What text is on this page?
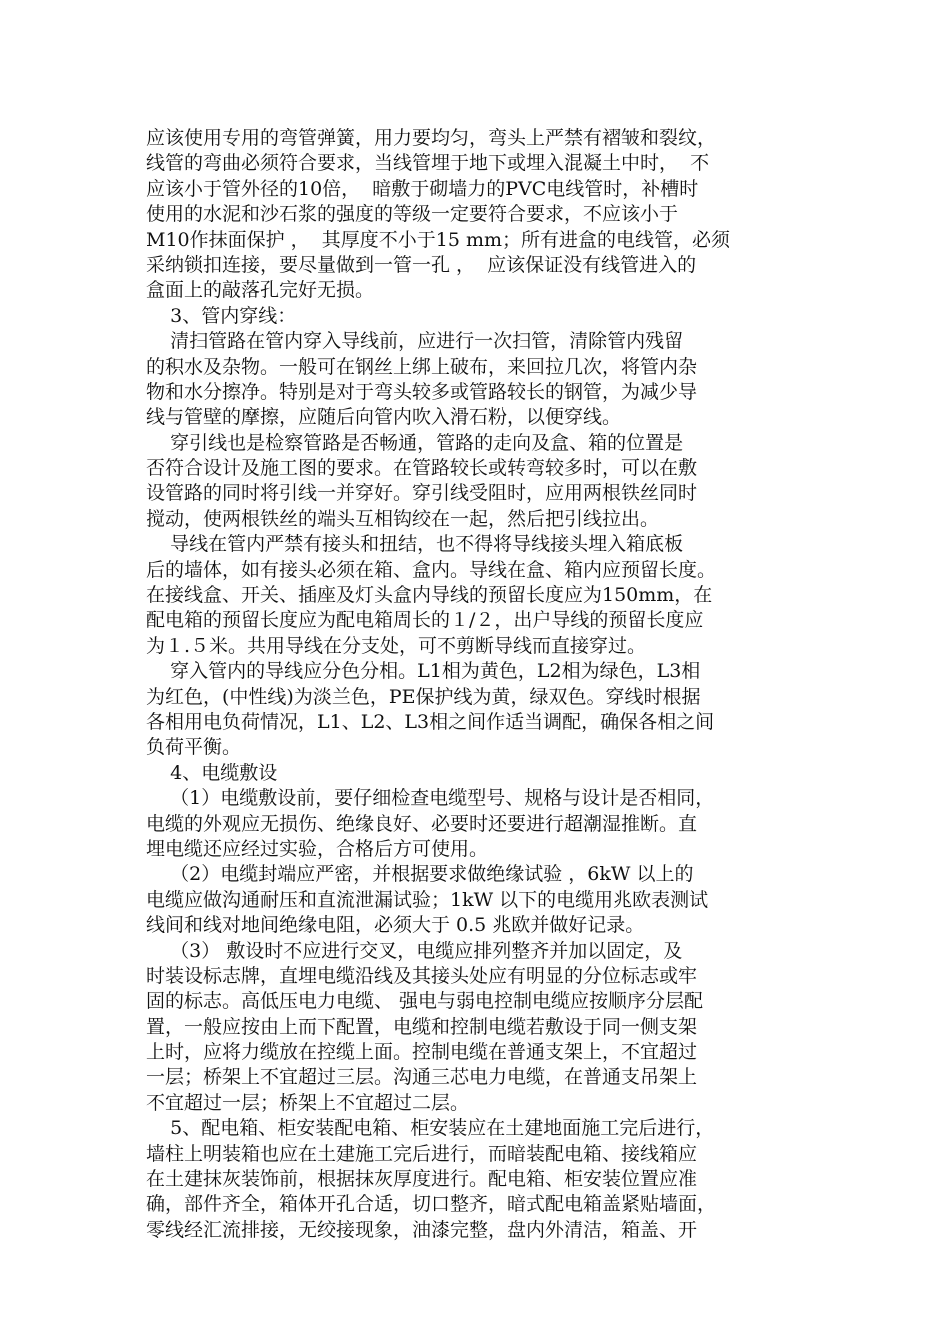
应该使用专用的弯管弹簧，用力要均匀，弯头上严禁有褶皱和裂纹，
线管的弯曲必须符合要求，当线管埋于地下或埋入混凝土中时，  不
应该小于管外径的10倍，  暗敷于砌墙力的PVC电线管时，补槽时
使用的水泥和沙石浆的强度的等级一定要符合要求，不应该小于
M10作抹面保护 ，  其厚度不小于15 mm；所有进盒的电线管，必须
采纳锁扣连接，要尽量做到一管一孔 ，  应该保证没有线管进入的
盒面上的敲落孔完好无损。
3、管内穿线：
清扫管路在管内穿入导线前，应进行一次扫管，清除管内残留
的积水及杂物。一般可在钢丝上绑上破布，来回拉几次，将管内杂
物和水分擦净。特别是对于弯头较多或管路较长的钢管，为减少导
线与管壁的摩擦，应随后向管内吹入滑石粉，以便穿线。
穿引线也是检察管路是否畅通，管路的走向及盒、箱的位置是
否符合设计及施工图的要求。在管路较长或转弯较多时，可以在敷
设管路的同时将引线一并穿好。穿引线受阻时，应用两根铁丝同时
搅动，使两根铁丝的端头互相钩绞在一起，然后把引线拉出。
导线在管内严禁有接头和扭结，也不得将导线接头埋入箱底板
后的墙体，如有接头必须在箱、盒内。导线在盒、箱内应预留长度。
在接线盒、开关、插座及灯头盒内导线的预留长度应为150mm，在
配电箱的预留长度应为配电箱周长的１/２，出户导线的预留长度应
为１.５米。共用导线在分支处，可不剪断导线而直接穿过。
穿入管内的导线应分色分相。L1相为黄色，L2相为绿色，L3相
为红色，(中性线)为淡兰色，PE保护线为黄，绿双色。穿线时根据
各相用电负荷情况，L1、L2、L3相之间作适当调配，确保各相之间
负荷平衡。
4、电缆敷设
（1）电缆敷设前，要仔细检查电缆型号、规格与设计是否相同，
电缆的外观应无损伤、绝缘良好、必要时还要进行超潮湿推断。直
埋电缆还应经过实验，合格后方可使用。
（2）电缆封端应严密，并根据要求做绝缘试验 ，6kW 以上的
电缆应做沟通耐压和直流泄漏试验；1kW 以下的电缆用兆欧表测试
线间和线对地间绝缘电阻，必须大于 0.5 兆欧并做好记录。
（3） 敷设时不应进行交叉，电缆应排列整齐并加以固定，及
时装设标志牌，直埋电缆沿线及其接头处应有明显的分位标志或牢
固的标志。高低压电力电缆、 强电与弱电控制电缆应按顺序分层配
置，一般应按由上而下配置，电缆和控制电缆若敷设于同一侧支架
上时，应将力缆放在控缆上面。控制电缆在普通支架上，不宜超过
一层；桥架上不宜超过三层。沟通三芯电力电缆，在普通支吊架上
不宜超过一层；桥架上不宜超过二层。
5、配电箱、柜安装配电箱、柜安装应在土建地面施工完后进行，
墙柱上明装箱也应在土建施工完后进行，而暗装配电箱、接线箱应
在土建抹灰装饰前，根据抹灰厚度进行。配电箱、柜安装位置应准
确，部件齐全，箱体开孔合适，切口整齐，暗式配电箱盖紧贴墙面，
零线经汇流排接，无绞接现象，油漆完整，盘内外清洁，箱盖、开
